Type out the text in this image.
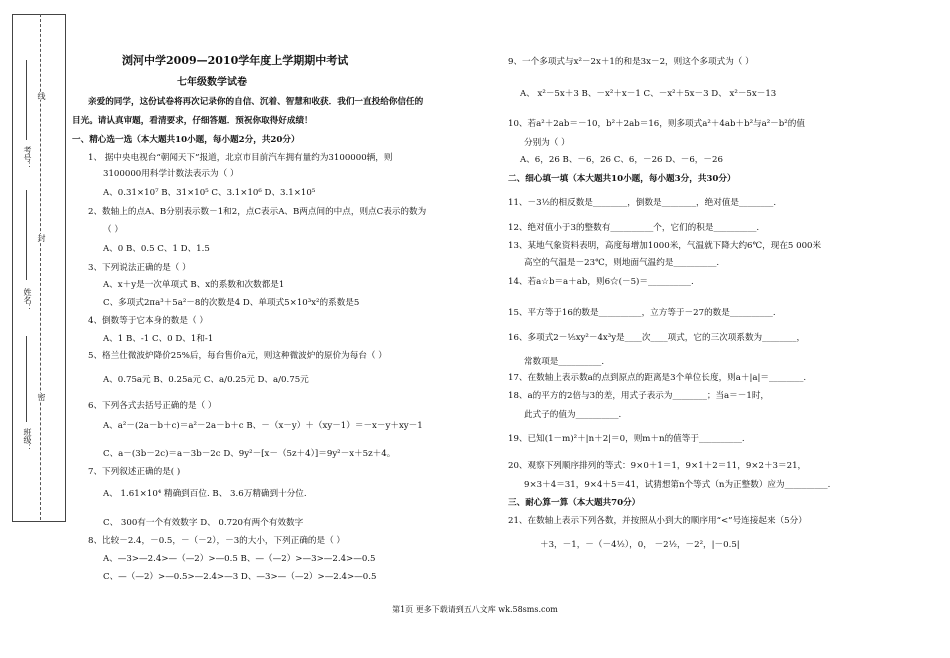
考号：
姓名：
班级：
线
封
密
浏河中学2009—2010学年度上学期期中考试
七年级数学试卷
亲爱的同学，这份试卷将再次记录你的自信、沉着、智慧和收获．我们一直投给你信任的
目光。请认真审题，看清要求，仔细答题．预祝你取得好成绩！
一、精心选一选（本大题共10小题，每小题2分，共20分）
1、 据中央电视台“朝闻天下”报道，北京市目前汽车拥有量约为3100000辆，则
3100000用科学计数法表示为（ ）
A、0.31×10⁷ B、31×10⁵ C、3.1×10⁶ D、3.1×10⁵
2、数轴上的点A、B分别表示数－1和2，点C表示A、B两点间的中点，则点C表示的数为
（ ）
A、0 B、0.5 C、1 D、1.5
3、下列说法正确的是（ ）
A、x＋y是一次单项式 B、x的系数和次数都是1
C、多项式2πa³＋5a²－8的次数是4 D、单项式5×10³x²的系数是5
4、倒数等于它本身的数是（ ）
A、1 B、-1 C、0 D、1和-1
5、格兰仕微波炉降价25%后，每台售价a元，则这种微波炉的原价为每台（ ）
A、0.75a元 B、0.25a元 C、a/0.25元 D、a/0.75元
6、下列各式去括号正确的是（ ）
A、a²－(2a－b＋c)＝a²－2a－b＋c B、－（x－y）＋（xy－1）＝－x－y＋xy－1
C、a－(3b－2c)＝a－3b－2c D、9y²－[x－（5z＋4）]＝9y²－x＋5z＋4。
7、下列叙述正确的是( )
A、 1.61×10⁴ 精确到百位. B、 3.6万精确到十分位.
C、 300有一个有效数字 D、 0.720有两个有效数字
8、比较－2.4，－0.5，－（－2），－3的大小，下列正确的是（ ）
A、—3>—2.4>—（—2）>—0.5 B、—（—2）>—3>—2.4>—0.5
C、—（—2）>—0.5>—2.4>—3 D、—3>—（—2）>—2.4>—0.5
9、一个多项式与x²－2x＋1的和是3x－2，则这个多项式为（ ）
A、 x²－5x＋3 B、－x²＋x－1 C、－x²＋5x－3 D、 x²－5x－13
10、若a²＋2ab＝－10，b²＋2ab＝16，则多项式a²＋4ab＋b²与a²－b²的值
分别为（ ）
A、6，26 B、－6，26 C、6，－26 D、－6，－26
二、细心填一填（本大题共10小题，每小题3分，共30分）
11、－3½的相反数是________，倒数是________，绝对值是________.
12、绝对值小于3的整数有__________个，它们的积是__________.
13、某地气象资料表明，高度每增加1000米，气温就下降大约6℃，现在5 000米
高空的气温是－23℃，则地面气温约是__________.
14、若a☆b＝a＋ab，则6☆(－5)＝__________.
15、平方等于16的数是__________，立方等于－27的数是__________.
16、多项式2－⅕xy²－4x³y是____次____项式，它的三次项系数为________，
常数项是__________.
17、在数轴上表示数a的点到原点的距离是3个单位长度，则a＋|a|＝________.
18、a的平方的2倍与3的差，用式子表示为________；当a＝－1时，
此式子的值为__________.
19、已知(1－m)²＋|n＋2|＝0，则m＋n的值等于__________.
20、观察下列顺序排列的等式：9×0＋1＝1，9×1＋2＝11，9×2＋3＝21，
9×3＋4＝31，9×4＋5＝41，试猜想第n个等式（n为正整数）应为__________.
三、耐心算一算（本大题共70分）
21、在数轴上表示下列各数，并按照从小到大的顺序用“<”号连接起来（5分）
＋3，－1，－（－4½），0， －2½，－2²，|－0.5|
第1页 更多下载请到五八文库 wk.58sms.com
